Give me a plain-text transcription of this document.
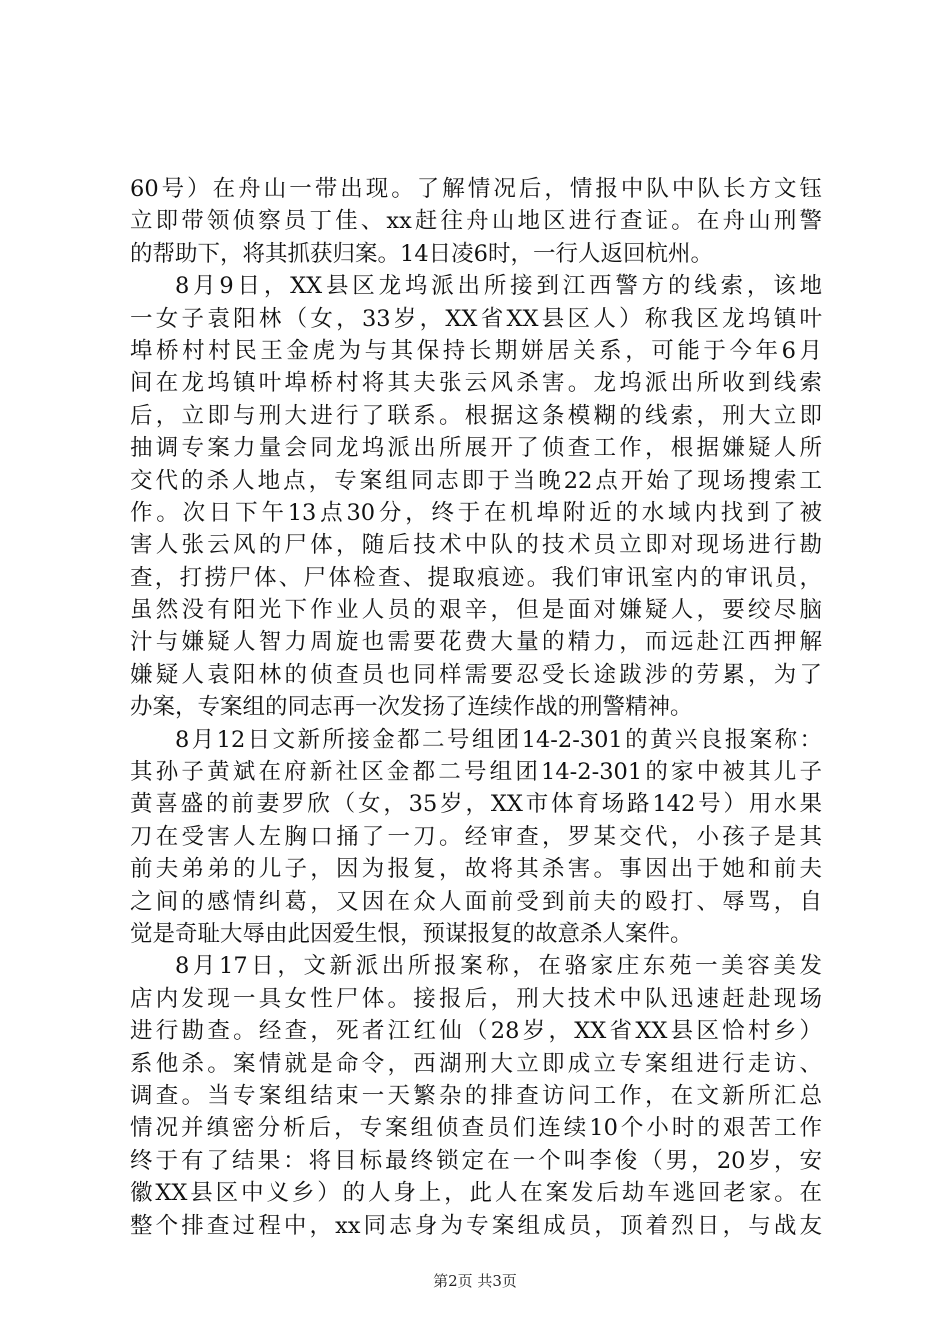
60号）在舟山一带出现。了解情况后，情报中队中队长方文钰
立即带领侦察员丁佳、xx赶往舟山地区进行查证。在舟山刑警
的帮助下，将其抓获归案。14日凌6时，一行人返回杭州。
8月9日，XX县区龙坞派出所接到江西警方的线索，该地
一女子袁阳林（女，33岁，XX省XX县区人）称我区龙坞镇叶
埠桥村村民王金虎为与其保持长期姘居关系，可能于今年6月
间在龙坞镇叶埠桥村将其夫张云风杀害。龙坞派出所收到线索
后，立即与刑大进行了联系。根据这条模糊的线索，刑大立即
抽调专案力量会同龙坞派出所展开了侦查工作，根据嫌疑人所
交代的杀人地点，专案组同志即于当晚22点开始了现场搜索工
作。次日下午13点30分，终于在机埠附近的水域内找到了被
害人张云风的尸体，随后技术中队的技术员立即对现场进行勘
查，打捞尸体、尸体检查、提取痕迹。我们审讯室内的审讯员，
虽然没有阳光下作业人员的艰辛，但是面对嫌疑人，要绞尽脑
汁与嫌疑人智力周旋也需要花费大量的精力，而远赴江西押解
嫌疑人袁阳林的侦查员也同样需要忍受长途跋涉的劳累，为了
办案，专案组的同志再一次发扬了连续作战的刑警精神。
8月12日文新所接金都二号组团14-2-301的黄兴良报案称：
其孙子黄斌在府新社区金都二号组团14-2-301的家中被其儿子
黄喜盛的前妻罗欣（女，35岁，XX市体育场路142号）用水果
刀在受害人左胸口捅了一刀。经审查，罗某交代，小孩子是其
前夫弟弟的儿子，因为报复，故将其杀害。事因出于她和前夫
之间的感情纠葛，又因在众人面前受到前夫的殴打、辱骂，自
觉是奇耻大辱由此因爱生恨，预谋报复的故意杀人案件。
8月17日，文新派出所报案称，在骆家庄东苑一美容美发
店内发现一具女性尸体。接报后，刑大技术中队迅速赶赴现场
进行勘查。经查，死者江红仙（28岁，XX省XX县区恰村乡）
系他杀。案情就是命令，西湖刑大立即成立专案组进行走访、
调查。当专案组结束一天繁杂的排查访问工作，在文新所汇总
情况并缜密分析后，专案组侦查员们连续10个小时的艰苦工作
终于有了结果：将目标最终锁定在一个叫李俊（男，20岁，安
徽XX县区中义乡）的人身上，此人在案发后劫车逃回老家。在
整个排查过程中，xx同志身为专案组成员，顶着烈日，与战友
第2页 共3页
